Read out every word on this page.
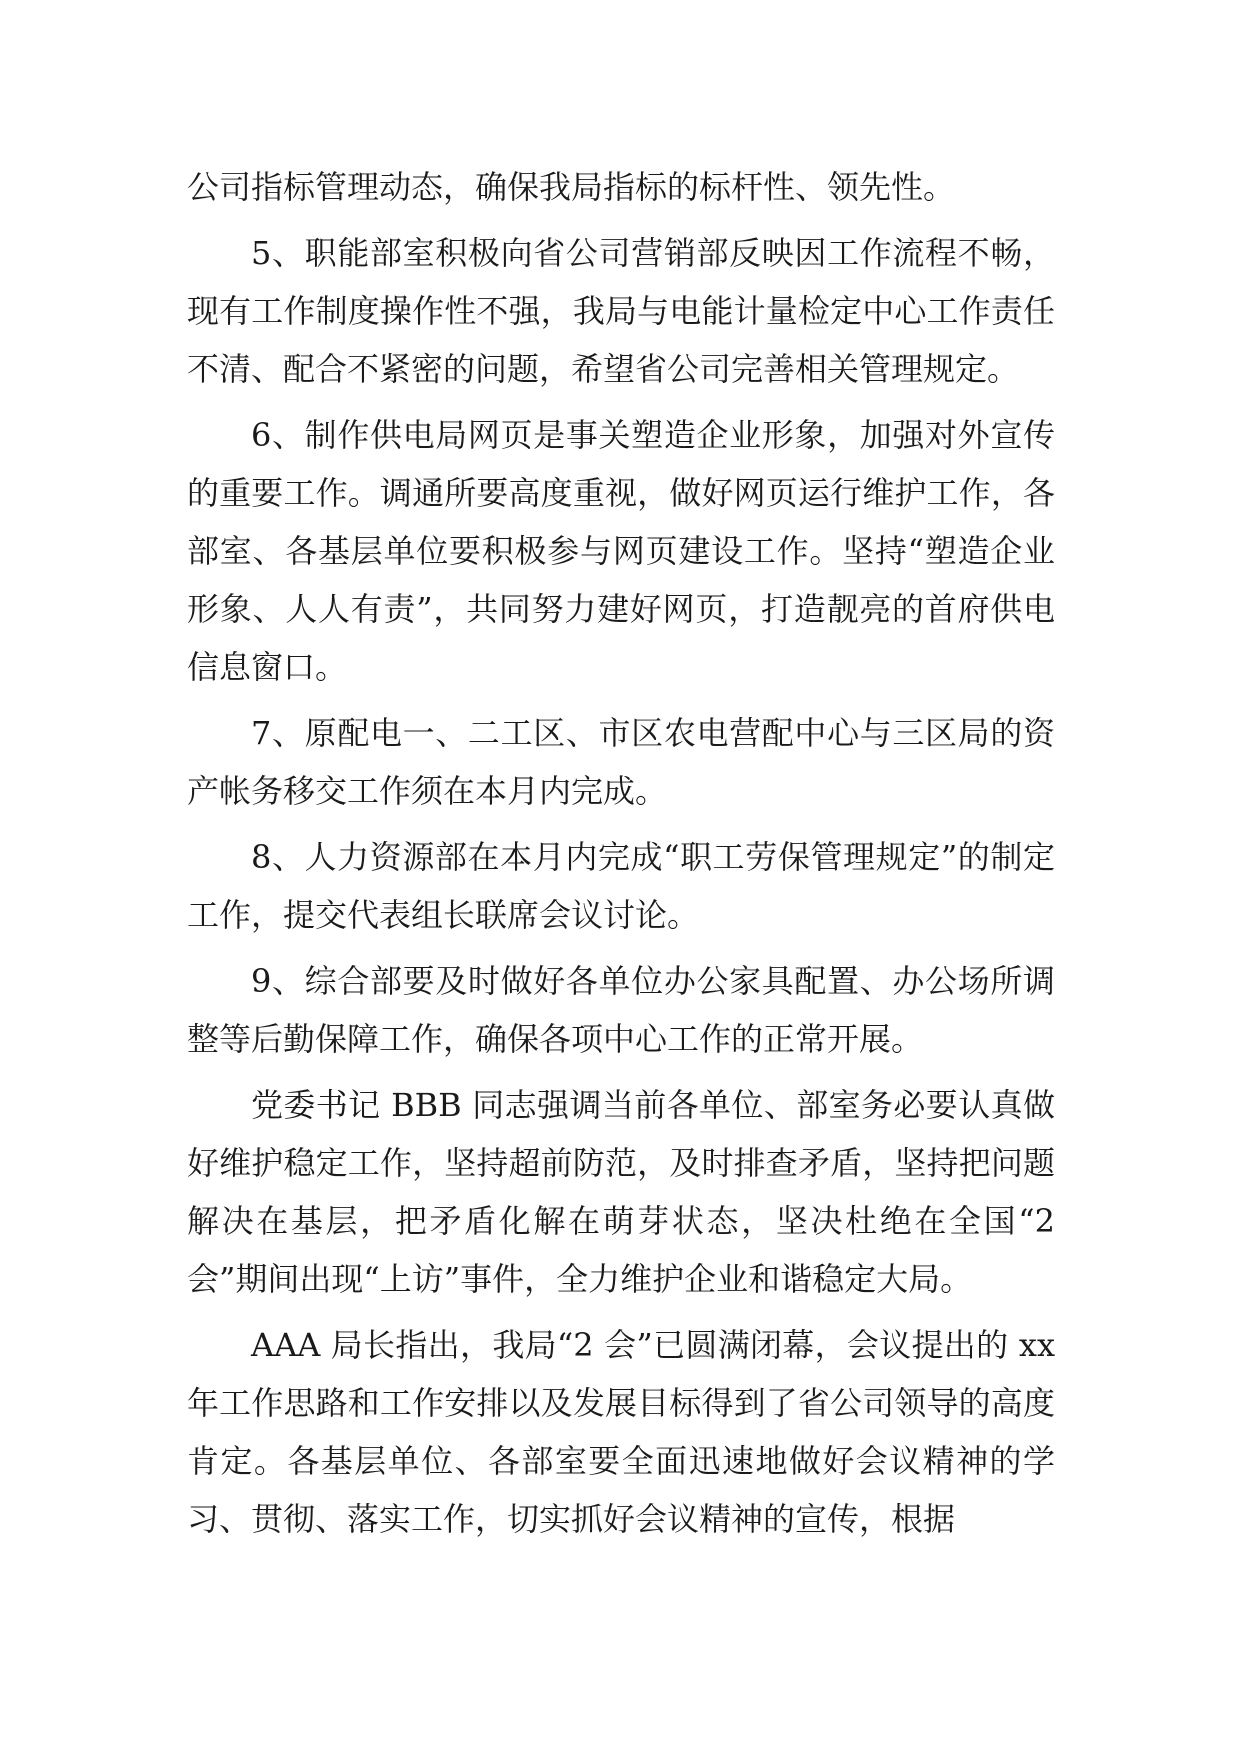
公司指标管理动态，确保我局指标的标杆性、领先性。

5、职能部室积极向省公司营销部反映因工作流程不畅，现有工作制度操作性不强，我局与电能计量检定中心工作责任不清、配合不紧密的问题，希望省公司完善相关管理规定。

6、制作供电局网页是事关塑造企业形象，加强对外宣传的重要工作。调通所要高度重视，做好网页运行维护工作，各部室、各基层单位要积极参与网页建设工作。坚持“塑造企业形象、人人有责”，共同努力建好网页，打造靓亮的首府供电信息窗口。

7、原配电一、二工区、市区农电营配中心与三区局的资产帐务移交工作须在本月内完成。

8、人力资源部在本月内完成“职工劳保管理规定”的制定工作，提交代表组长联席会议讨论。

9、综合部要及时做好各单位办公家具配置、办公场所调整等后勤保障工作，确保各项中心工作的正常开展。

党委书记 BBB 同志强调当前各单位、部室务必要认真做好维护稳定工作，坚持超前防范，及时排查矛盾，坚持把问题解决在基层，把矛盾化解在萌芽状态，坚决杜绝在全国“2 会”期间出现“上访”事件，全力维护企业和谐稳定大局。

AAA 局长指出，我局“2 会”已圆满闭幕，会议提出的 xx 年工作思路和工作安排以及发展目标得到了省公司领导的高度肯定。各基层单位、各部室要全面迅速地做好会议精神的学习、贯彻、落实工作，切实抓好会议精神的宣传，根据
